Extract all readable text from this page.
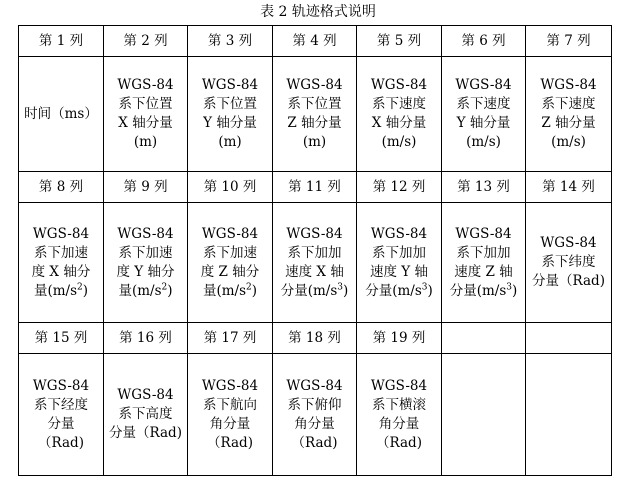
表 2 轨迹格式说明
第 1 列	第 2 列	第 3 列	第 4 列	第 5 列	第 6 列	第 7 列
时间（ms）	WGS-84
系下位置
X 轴分量
(m)	WGS-84
系下位置
Y 轴分量
(m)	WGS-84
系下位置
Z 轴分量
(m)	WGS-84
系下速度
X 轴分量
(m/s)	WGS-84
系下速度
Y 轴分量
(m/s)	WGS-84
系下速度
Z 轴分量
(m/s)
第 8 列	第 9 列	第 10 列	第 11 列	第 12 列	第 13 列	第 14 列
WGS-84
系下加速
度 X 轴分
量$(m/s^2)$	WGS-84
系下加速
度 Y 轴分
量$(m/s^2)$	WGS-84
系下加速
度 Z 轴分
量$(m/s^2)$	WGS-84
系下加加
速度 X 轴
分量$(m/s^3)$	WGS-84
系下加加
速度 Y 轴
分量$(m/s^3)$	WGS-84
系下加加
速度 Z 轴
分量$(m/s^3)$	WGS-84
系下纬度
分量（Rad)
第 15 列	第 16 列	第 17 列	第 18 列	第 19 列		
WGS-84
系下经度
分量
（Rad)	WGS-84
系下高度
分量（Rad)	WGS-84
系下航向
角分量
（Rad)	WGS-84
系下俯仰
角分量
（Rad)	WGS-84
系下横滚
角分量
（Rad)		
